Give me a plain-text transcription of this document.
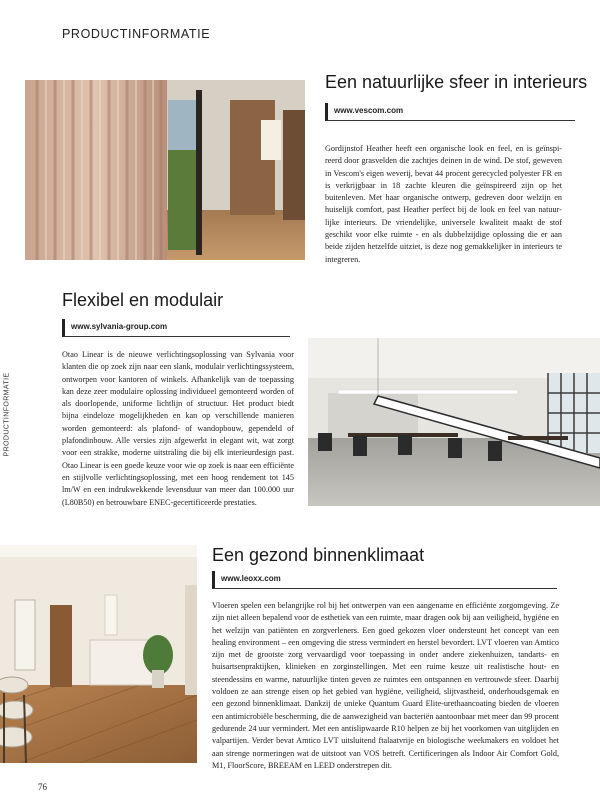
PRODUCTINFORMATIE
PRODUCTINFORMATIE
Een natuurlijke sfeer in interieurs
www.vescom.com

Gordijnstof Heather heeft een organische look en feel, en is geïnspireerd door grasvelden die zachtjes deinen in de wind. De stof, geweven in Vescom's eigen weverij, bevat 44 procent gerecycled polyester FR en is verkrijgbaar in 18 zachte kleuren die geïnspireerd zijn op het buitenleven. Met haar organische ontwerp, gedreven door welzijn en huiselijk comfort, past Heather perfect bij de look en feel van natuurlijke interieurs. De vriendelijke, universele kwaliteit maakt de stof geschikt voor elke ruimte - en als dubbelzijdige oplossing die er aan beide zijden hetzelfde uitziet, is deze nog gemakkelijker in interieurs te integreren.

Flexibel en modulair
www.sylvania-group.com

Otao Linear is de nieuwe verlichtingsoplossing van Sylvania voor klanten die op zoek zijn naar een slank, modulair verlichtingssysteem, ontworpen voor kantoren of winkels. Afhankelijk van de toepassing kan deze zeer modulaire oplossing individueel gemonteerd worden of als doorlopende, uniforme lichtlijn of structuur. Het product biedt bijna eindeloze mogelijkheden en kan op verschillende manieren worden gemonteerd: als plafond- of wandopbouw, gependeld of plafondinbouw. Alle versies zijn afgewerkt in elegant wit, wat zorgt voor een strakke, moderne uitstraling die bij elk interieurdesign past. Otao Linear is een goede keuze voor wie op zoek is naar een efficiënte en stijlvolle verlichtingsoplossing, met een hoog rendement tot 145 lm/W en een indrukwekkende levensduur van meer dan 100.000 uur (L80B50) en betrouwbare ENEC-gecertificeerde prestaties.

Een gezond binnenklimaat
www.leoxx.com

Vloeren spelen een belangrijke rol bij het ontwerpen van een aangename en efficiënte zorgomgeving. Ze zijn niet alleen bepalend voor de esthetiek van een ruimte, maar dragen ook bij aan veiligheid, hygiëne en het welzijn van patiënten en zorgverleners. Een goed gekozen vloer ondersteunt het concept van een healing environment – een omgeving die stress vermindert en herstel bevordert. LVT vloeren van Amtico zijn met de grootste zorg vervaardigd voor toepassing in onder andere ziekenhuizen, tandarts- en huisartsenpraktijken, klinieken en zorginstellingen. Met een ruime keuze uit realistische hout- en steendessins en warme, natuurlijke tinten geven ze ruimtes een ontspannen en vertrouwde sfeer. Daarbij voldoen ze aan strenge eisen op het gebied van hygiëne, veiligheid, slijtvastheid, onderhoudsgemak en een gezond binnenklimaat. Dankzij de unieke Quantum Guard Elite-urethaancoating bieden de vloeren een antimicrobiële bescherming, die de aanwezigheid van bacteriën aantoonbaar met meer dan 99 procent gedurende 24 uur vermindert. Met een antislipwaarde R10 helpen ze bij het voorkomen van uitglijden en valpartijen. Verder bevat Amtico LVT uitsluitend ftalaatvrije en biologische weekmakers en voldoet het aan strenge normeringen wat de uitstoot van VOS betreft. Certificeringen als Indoor Air Comfort Gold, M1, FloorScore, BREEAM en LEED onderstrepen dit.

76
